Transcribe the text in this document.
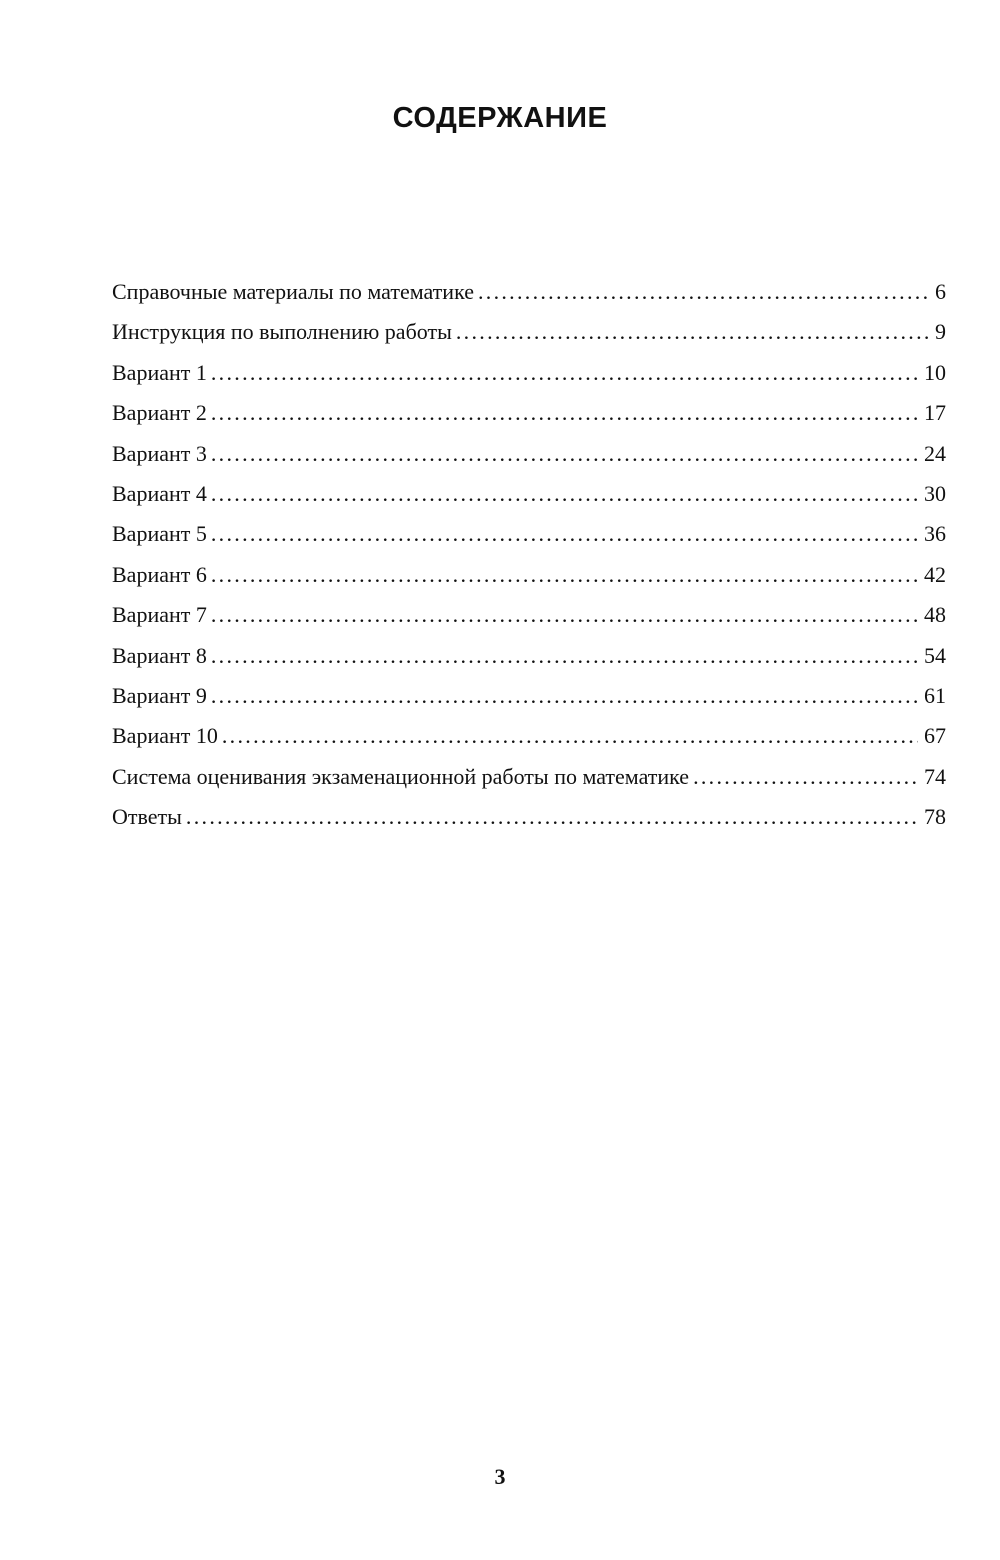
СОДЕРЖАНИЕ
Справочные материалы по математике .....	6
Инструкция по выполнению работы .....	9
Вариант 1 .....	10
Вариант 2 .....	17
Вариант 3 .....	24
Вариант 4 .....	30
Вариант 5 .....	36
Вариант 6 .....	42
Вариант 7 .....	48
Вариант 8 .....	54
Вариант 9 .....	61
Вариант 10 .....	67
Система оценивания экзаменационной работы по математике .....	74
Ответы .....	78
3
